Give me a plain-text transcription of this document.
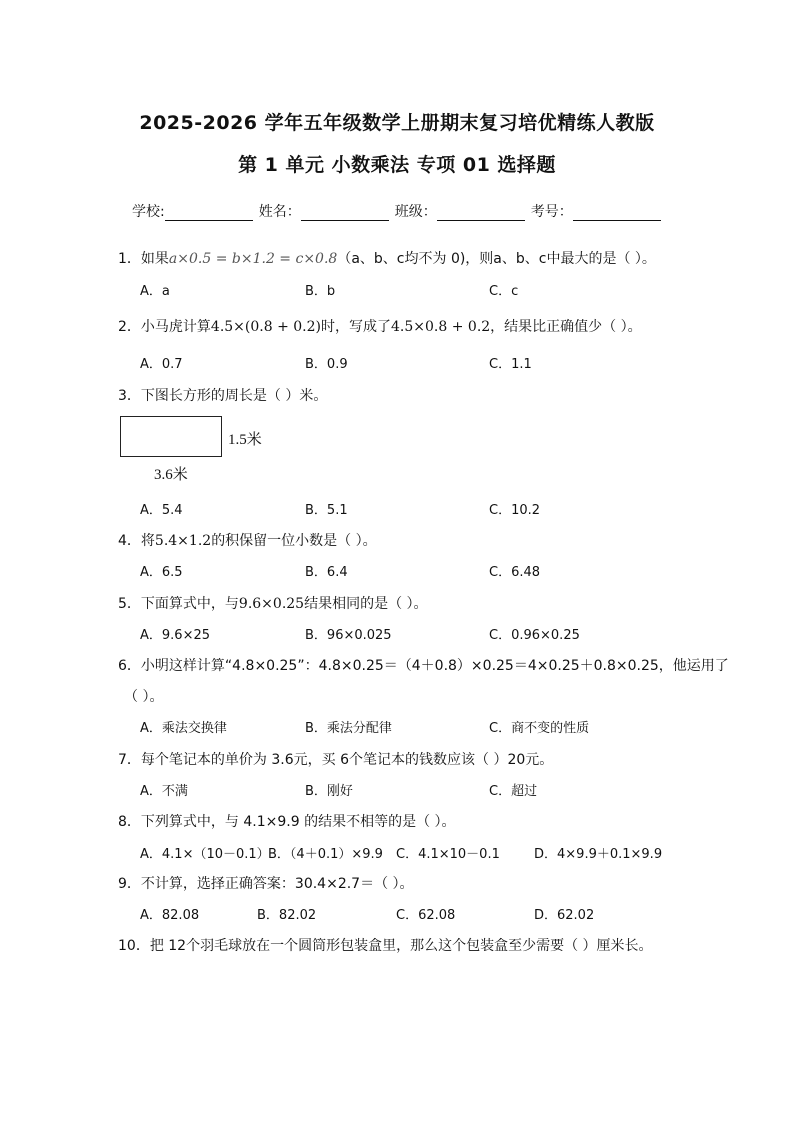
2025-2026 学年五年级数学上册期末复习培优精练人教版
第 1 单元 小数乘法 专项 01 选择题
学校:	姓名：	班级：	考号：
1．如果a×0.5 = b×1.2 = c×0.8（a、b、c均不为 0)，则a、b、c中最大的是（ ）。
A．a	B．b	C．c
2．小马虎计算4.5×(0.8 + 0.2)时，写成了4.5×0.8 + 0.2，结果比正确值少（ ）。
A．0.7	B．0.9	C．1.1
3．下图长方形的周长是（ ）米。
1.5米
3.6米
A．5.4	B．5.1	C．10.2
4．将5.4×1.2的积保留一位小数是（ ）。
A．6.5	B．6.4	C．6.48
5．下面算式中，与9.6×0.25结果相同的是（ ）。
A．9.6×25	B．96×0.025	C．0.96×0.25
6．小明这样计算“4.8×0.25”：4.8×0.25＝（4＋0.8）×0.25＝4×0.25＋0.8×0.25，他运用了
（ ）。
A．乘法交换律	B．乘法分配律	C．商不变的性质
7．每个笔记本的单价为 3.6元，买 6个笔记本的钱数应该（ ）20元。
A．不满	B．刚好	C．超过
8．下列算式中，与 4.1×9.9 的结果不相等的是（ ）。
A．4.1×（10－0.1）
B．（4＋0.1）×9.9 C．4.1×10－0.1	D．4×9.9＋0.1×9.9
9．不计算，选择正确答案：30.4×2.7＝（ ）。
A．82.08	B．82.02	C．62.08	D．62.02
10．把 12个羽毛球放在一个圆筒形包装盒里，那么这个包装盒至少需要（ ）厘米长。
